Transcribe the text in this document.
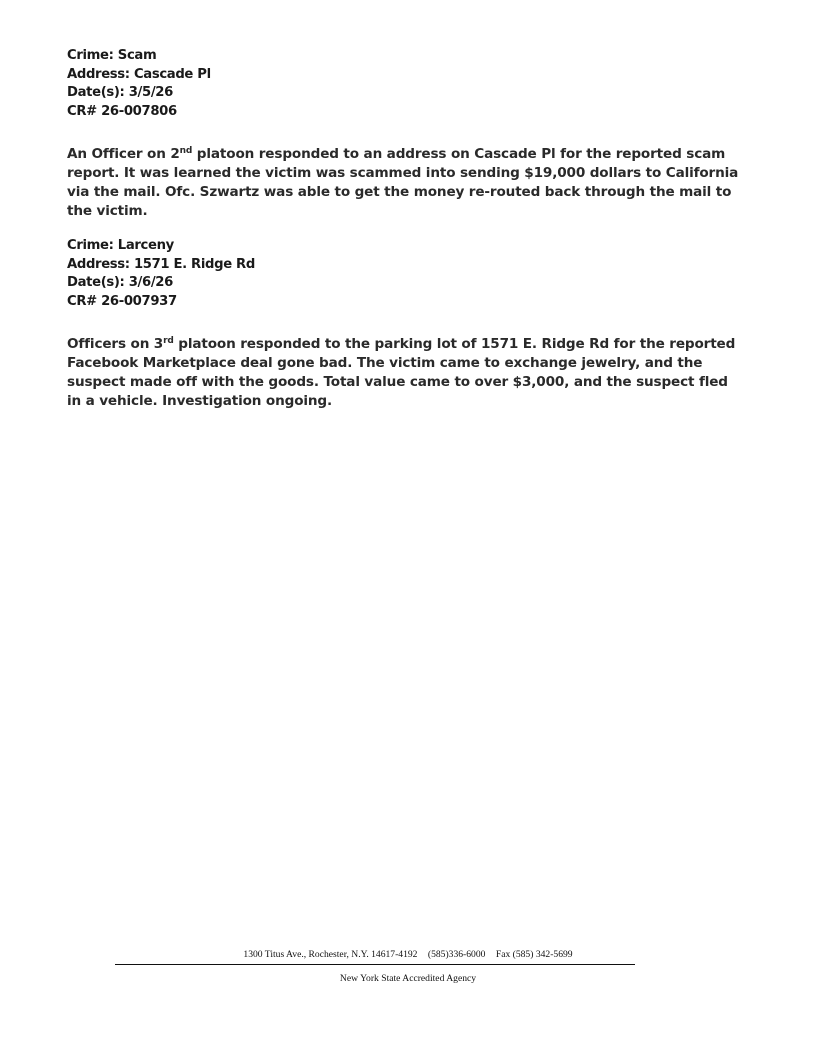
Crime: Scam
Address: Cascade Pl
Date(s): 3/5/26
CR# 26-007806
An Officer on 2nd platoon responded to an address on Cascade Pl for the reported scam
report. It was learned the victim was scammed into sending $19,000 dollars to California
via the mail. Ofc. Szwartz was able to get the money re-routed back through the mail to
the victim.
Crime: Larceny
Address: 1571 E. Ridge Rd
Date(s): 3/6/26
CR# 26-007937
Officers on 3rd platoon responded to the parking lot of 1571 E. Ridge Rd for the reported
Facebook Marketplace deal gone bad. The victim came to exchange jewelry, and the
suspect made off with the goods. Total value came to over $3,000, and the suspect fled
in a vehicle. Investigation ongoing.
1300 Titus Ave., Rochester, N.Y. 14617-4192 (585)336-6000 Fax (585) 342-5699
New York State Accredited Agency
